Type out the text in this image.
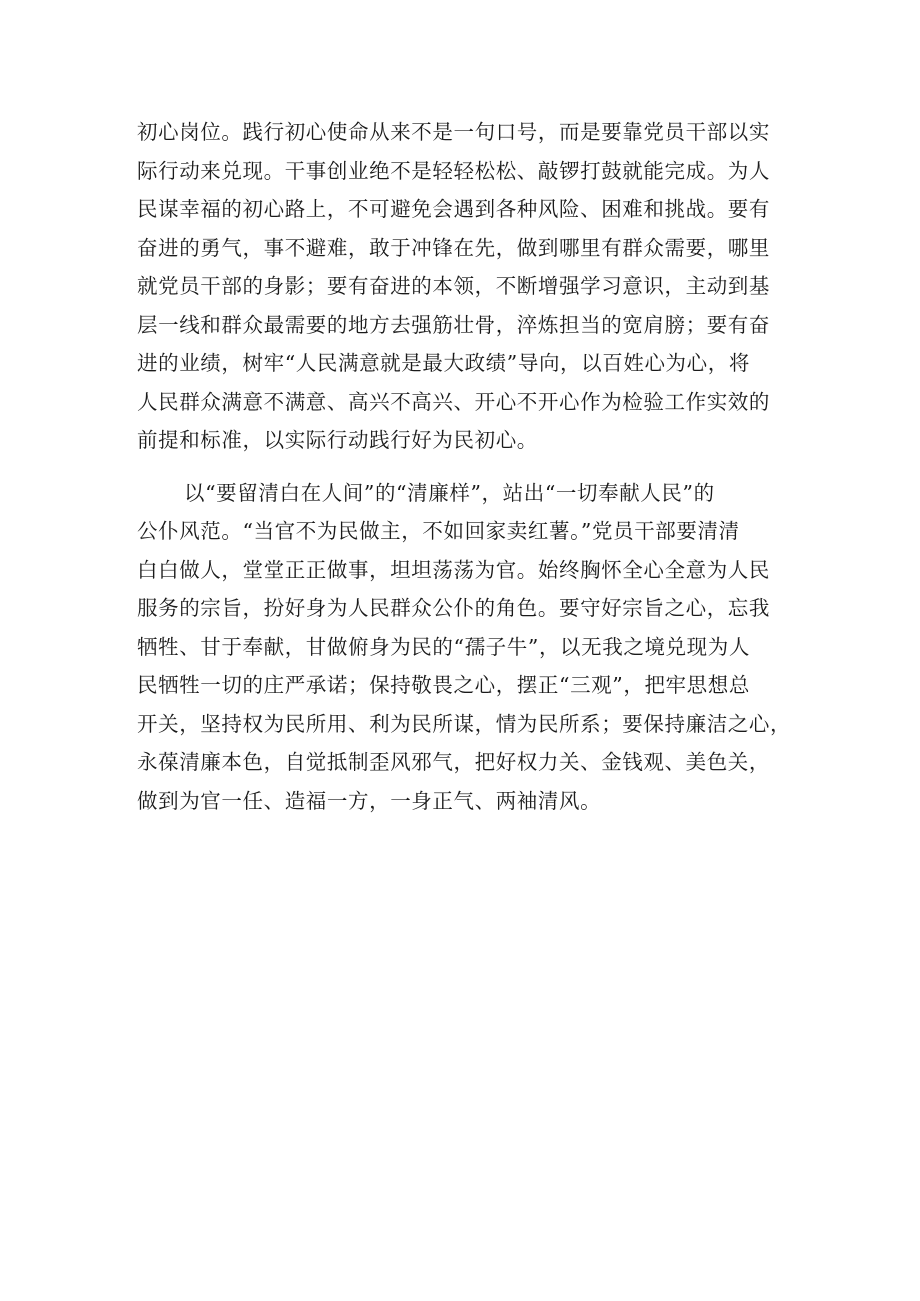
初心岗位。践行初心使命从来不是一句口号，而是要靠党员干部以实
际行动来兑现。干事创业绝不是轻轻松松、敲锣打鼓就能完成。为人
民谋幸福的初心路上，不可避免会遇到各种风险、困难和挑战。要有
奋进的勇气，事不避难，敢于冲锋在先，做到哪里有群众需要，哪里
就党员干部的身影；要有奋进的本领，不断增强学习意识，主动到基
层一线和群众最需要的地方去强筋壮骨，淬炼担当的宽肩膀；要有奋
进的业绩，树牢“人民满意就是最大政绩”导向，以百姓心为心，将
人民群众满意不满意、高兴不高兴、开心不开心作为检验工作实效的
前提和标准，以实际行动践行好为民初心。
以“要留清白在人间”的“清廉样”，站出“一切奉献人民”的
公仆风范。“当官不为民做主，不如回家卖红薯。”党员干部要清清
白白做人，堂堂正正做事，坦坦荡荡为官。始终胸怀全心全意为人民
服务的宗旨，扮好身为人民群众公仆的角色。要守好宗旨之心，忘我
牺牲、甘于奉献，甘做俯身为民的“孺子牛”，以无我之境兑现为人
民牺牲一切的庄严承诺；保持敬畏之心，摆正“三观”，把牢思想总
开关，坚持权为民所用、利为民所谋，情为民所系；要保持廉洁之心，
永葆清廉本色，自觉抵制歪风邪气，把好权力关、金钱观、美色关，
做到为官一任、造福一方，一身正气、两袖清风。
